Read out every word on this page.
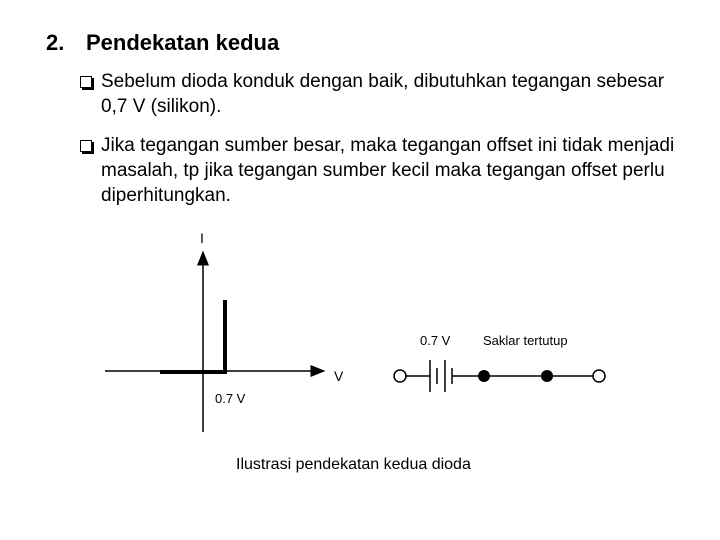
2. Pendekatan kedua
Sebelum dioda konduk dengan baik, dibutuhkan tegangan sebesar 0,7 V (silikon).
Jika tegangan sumber besar, maka tegangan offset ini tidak menjadi masalah, tp jika tegangan sumber kecil maka tegangan offset perlu diperhitungkan.
I
V
0.7 V
0.7 V	Saklar tertutup
Ilustrasi pendekatan kedua dioda
